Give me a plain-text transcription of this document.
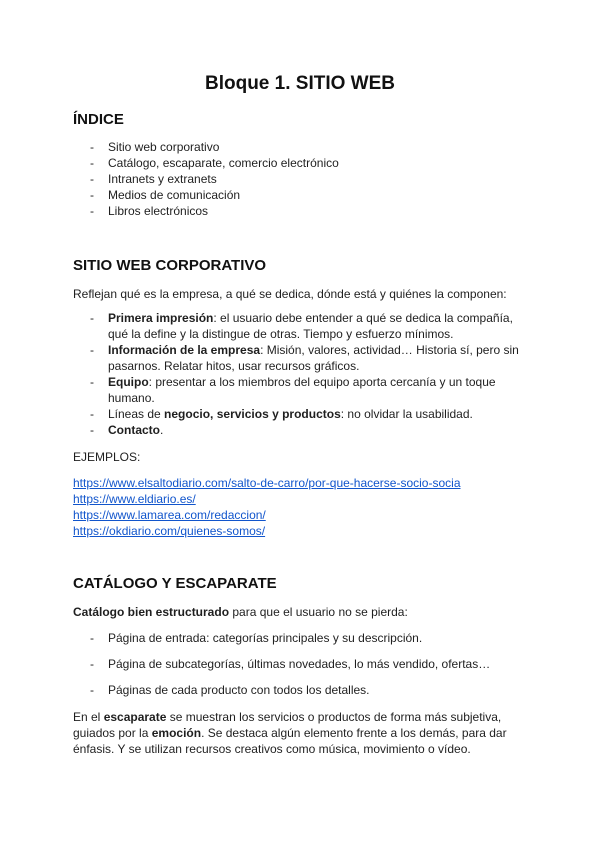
Bloque 1. SITIO WEB
ÍNDICE
- Sitio web corporativo
- Catálogo, escaparate, comercio electrónico
- Intranets y extranets
- Medios de comunicación
- Libros electrónicos
SITIO WEB CORPORATIVO
Reflejan qué es la empresa, a qué se dedica, dónde está y quiénes la componen:
- Primera impresión: el usuario debe entender a qué se dedica la compañía, qué la define y la distingue de otras. Tiempo y esfuerzo mínimos.
- Información de la empresa: Misión, valores, actividad… Historia sí, pero sin pasarnos. Relatar hitos, usar recursos gráficos.
- Equipo: presentar a los miembros del equipo aporta cercanía y un toque humano.
- Líneas de negocio, servicios y productos: no olvidar la usabilidad.
- Contacto.
EJEMPLOS:
https://www.elsaltodiario.com/salto-de-carro/por-que-hacerse-socio-socia
https://www.eldiario.es/
https://www.lamarea.com/redaccion/
https://okdiario.com/quienes-somos/
CATÁLOGO Y ESCAPARATE
Catálogo bien estructurado para que el usuario no se pierda:
- Página de entrada: categorías principales y su descripción.
- Página de subcategorías, últimas novedades, lo más vendido, ofertas…
- Páginas de cada producto con todos los detalles.
En el escaparate se muestran los servicios o productos de forma más subjetiva, guiados por la emoción. Se destaca algún elemento frente a los demás, para dar énfasis. Y se utilizan recursos creativos como música, movimiento o vídeo.
